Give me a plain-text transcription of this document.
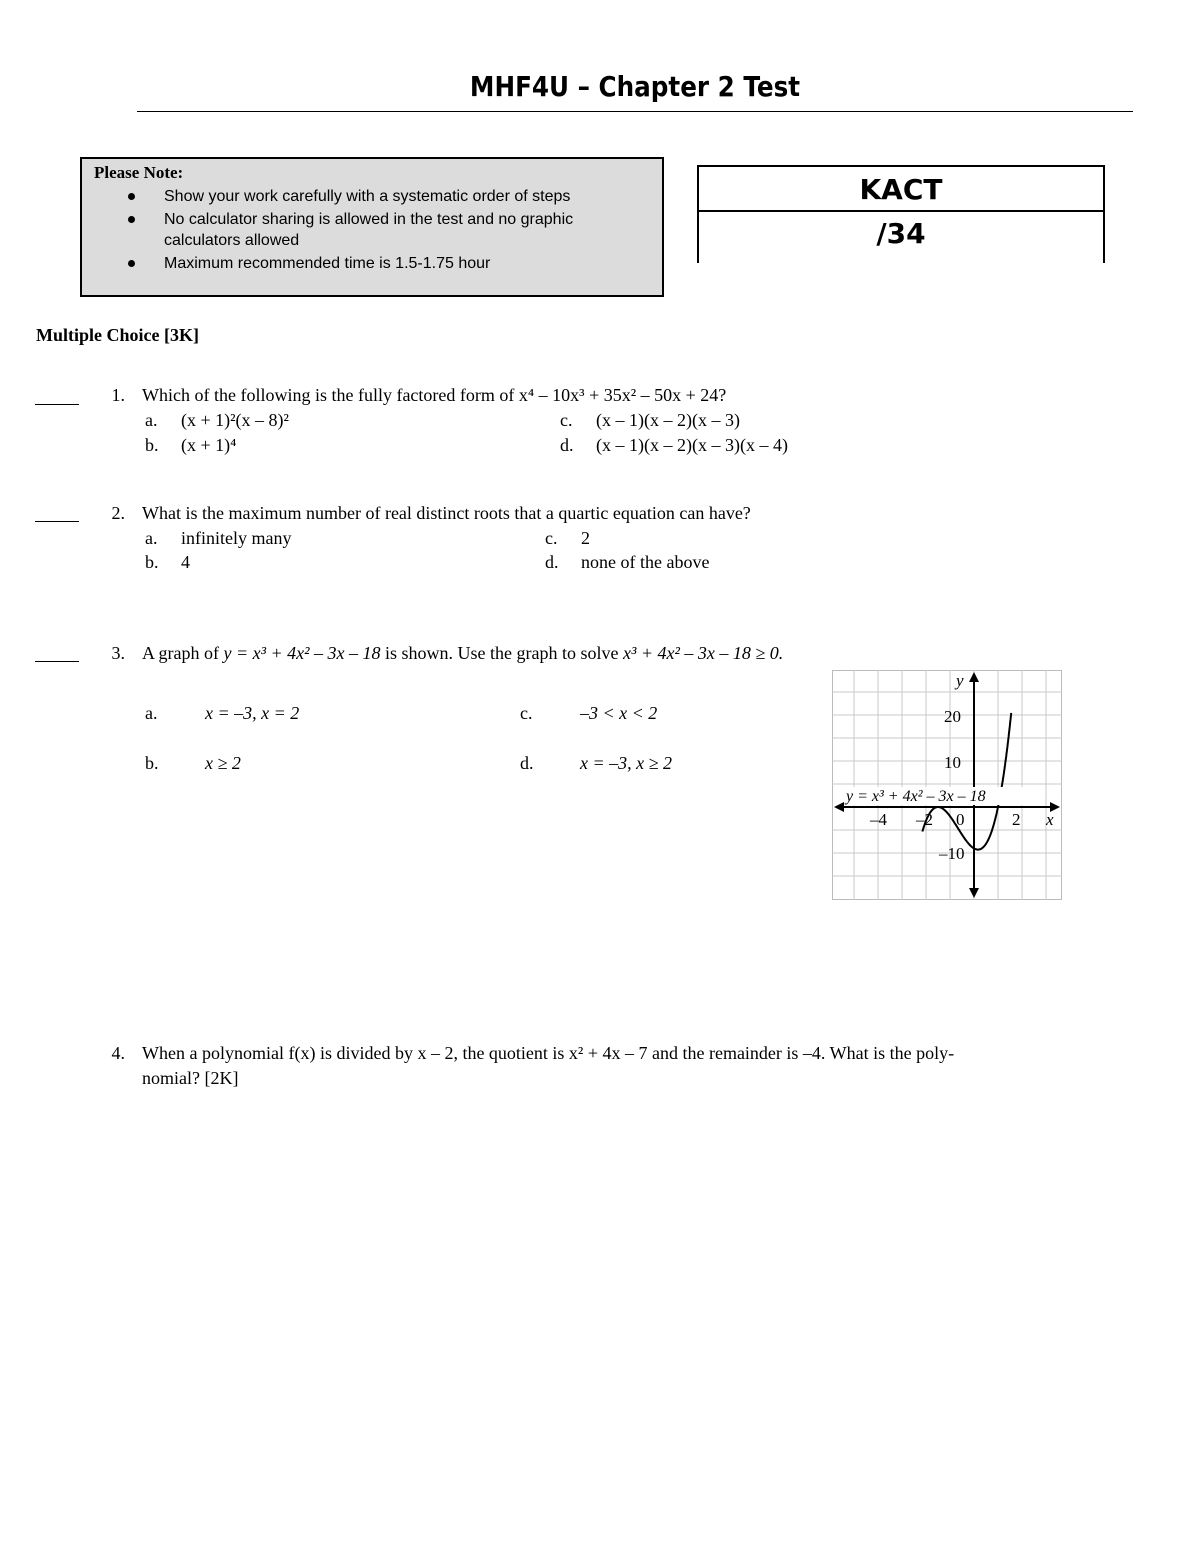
MHF4U – Chapter 2 Test
Please Note:
Show your work carefully with a systematic order of steps
No calculator sharing is allowed in the test and no graphic
calculators allowed
Maximum recommended time is 1.5-1.75 hour
KACT
/34
Multiple Choice [3K]
1. Which of the following is the fully factored form of x⁴ – 10x³ + 35x² – 50x + 24?
a. (x + 1)²(x – 8)²
b. (x + 1)⁴
c. (x – 1)(x – 2)(x – 3)
d. (x – 1)(x – 2)(x – 3)(x – 4)
2. What is the maximum number of real distinct roots that a quartic equation can have?
a. infinitely many
b. 4
c. 2
d. none of the above
3. A graph of y = x³ + 4x² – 3x – 18 is shown. Use the graph to solve x³ + 4x² – 3x – 18 ≥ 0.
a.	x = –3, x = 2
b.	x ≥ 2
c.	–3 < x < 2
d.	x = –3, x ≥ 2
y
x
20
10
–10
–4 –2 0	2
y = x³ + 4x² – 3x – 18
4. When a polynomial f(x) is divided by x – 2, the quotient is x² + 4x – 7 and the remainder is –4. What is the poly-
nomial? [2K]
